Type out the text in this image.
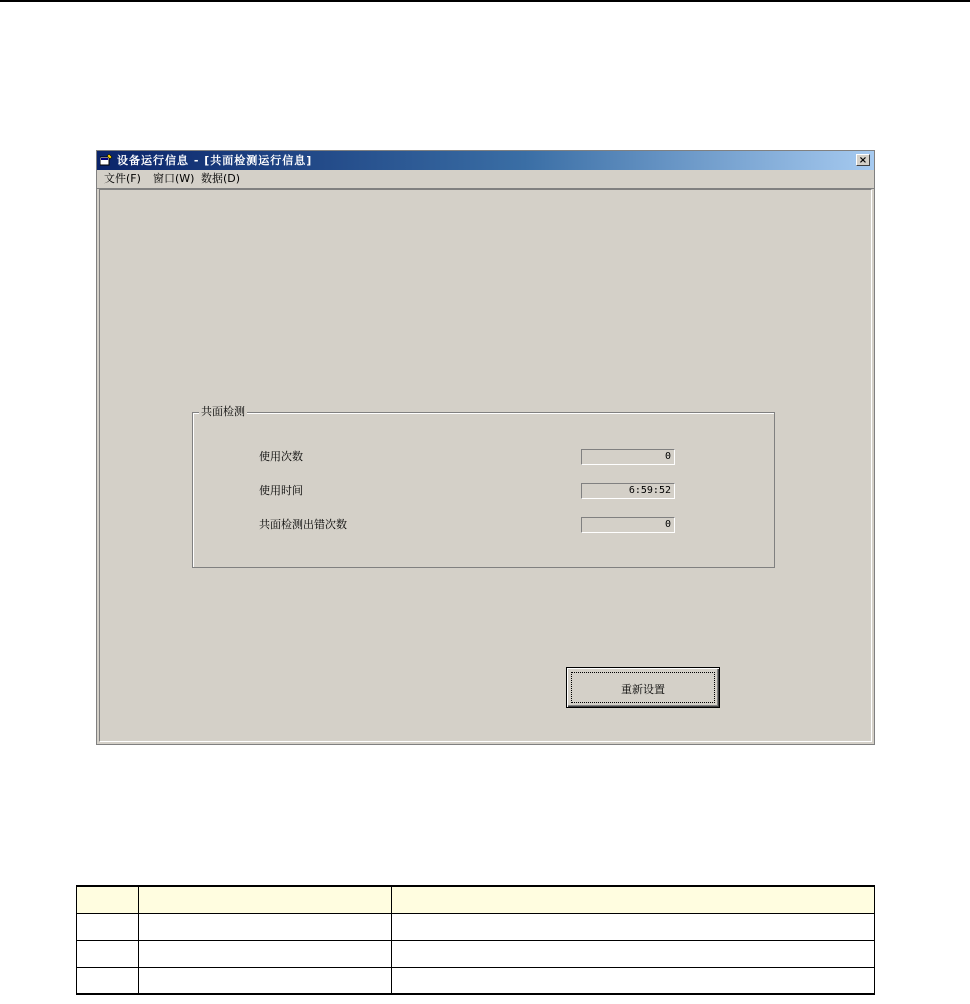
设备运行信息 - [共面检测运行信息]	×
文件(F) 窗口(W) 数据(D)
共面检测
使用次数	0
使用时间	6:59:52
共面检测出错次数	0
重新设置
